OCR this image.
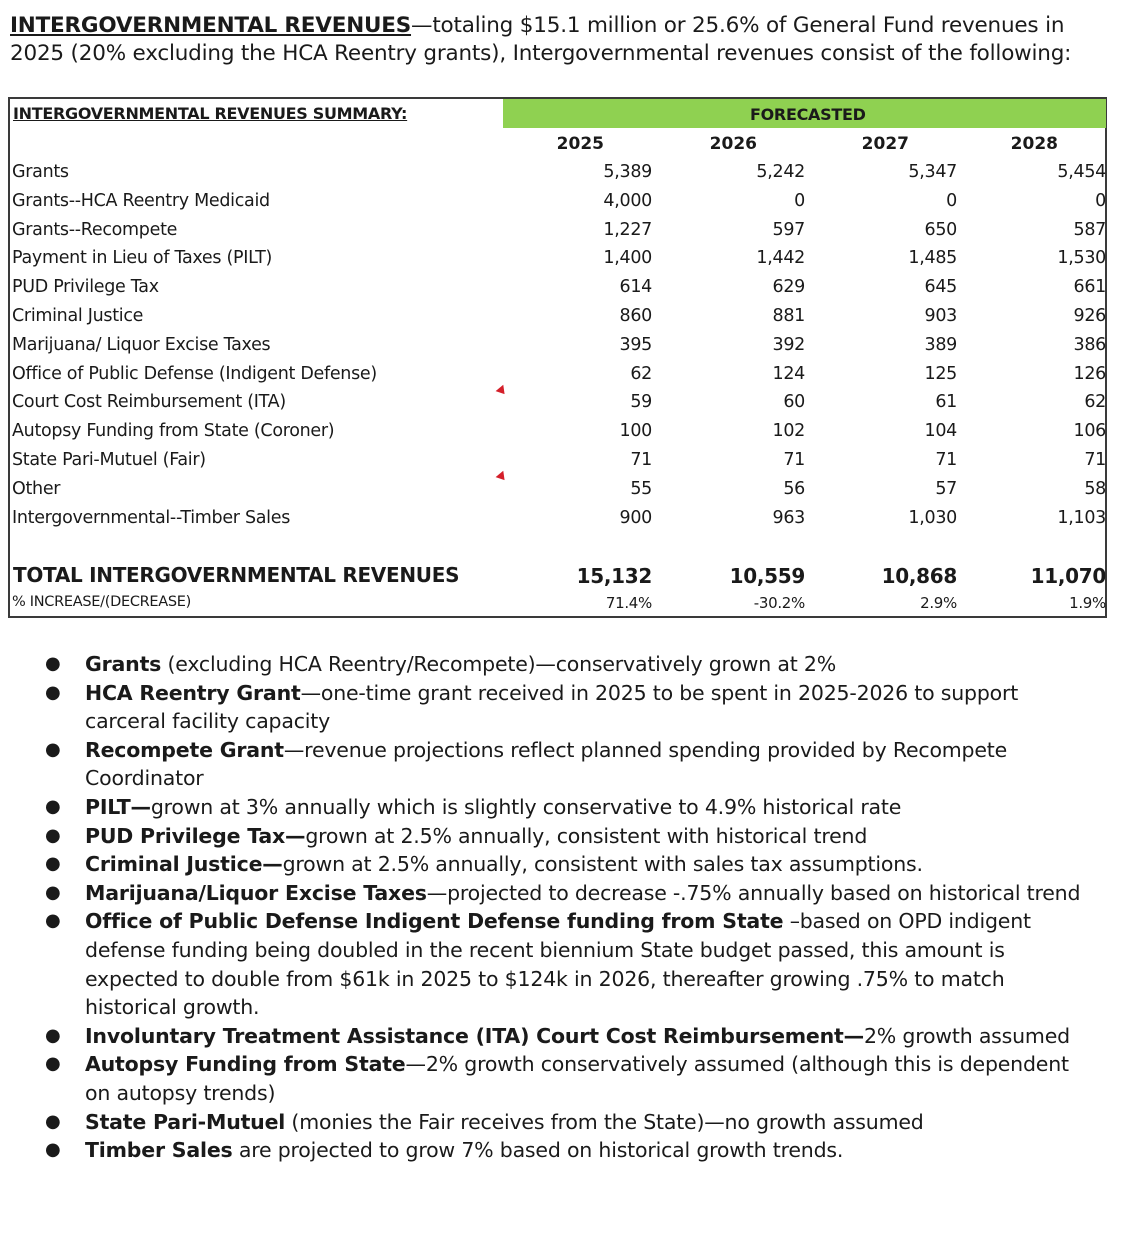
INTERGOVERNMENTAL REVENUES—totaling $15.1 million or 25.6% of General Fund revenues in 2025 (20% excluding the HCA Reentry grants), Intergovernmental revenues consist of the following:
INTERGOVERNMENTAL REVENUES SUMMARY:	FORECASTED
2025	2026	2027	2028
Grants	5,389	5,242	5,347	5,454
Grants--HCA Reentry Medicaid	4,000	0	0	0
Grants--Recompete	1,227	597	650	587
Payment in Lieu of Taxes (PILT)	1,400	1,442	1,485	1,530
PUD Privilege Tax	614	629	645	661
Criminal Justice	860	881	903	926
Marijuana/ Liquor Excise Taxes	395	392	389	386
Office of Public Defense (Indigent Defense)	62	124	125	126
Court Cost Reimbursement (ITA)	59	60	61	62
Autopsy Funding from State (Coroner)	100	102	104	106
State Pari-Mutuel (Fair)	71	71	71	71
Other	55	56	57	58
Intergovernmental--Timber Sales	900	963	1,030	1,103
TOTAL INTERGOVERNMENTAL REVENUES	15,132	10,559	10,868	11,070
% INCREASE/(DECREASE)	71.4%	-30.2%	2.9%	1.9%
● Grants (excluding HCA Reentry/Recompete)—conservatively grown at 2%
● HCA Reentry Grant—one-time grant received in 2025 to be spent in 2025-2026 to support carceral facility capacity
● Recompete Grant—revenue projections reflect planned spending provided by Recompete Coordinator
● PILT—grown at 3% annually which is slightly conservative to 4.9% historical rate
● PUD Privilege Tax—grown at 2.5% annually, consistent with historical trend
● Criminal Justice—grown at 2.5% annually, consistent with sales tax assumptions.
● Marijuana/Liquor Excise Taxes—projected to decrease -.75% annually based on historical trend
● Office of Public Defense Indigent Defense funding from State –based on OPD indigent defense funding being doubled in the recent biennium State budget passed, this amount is expected to double from $61k in 2025 to $124k in 2026, thereafter growing .75% to match historical growth.
● Involuntary Treatment Assistance (ITA) Court Cost Reimbursement—2% growth assumed
● Autopsy Funding from State—2% growth conservatively assumed (although this is dependent on autopsy trends)
● State Pari-Mutuel (monies the Fair receives from the State)—no growth assumed
● Timber Sales are projected to grow 7% based on historical growth trends.
